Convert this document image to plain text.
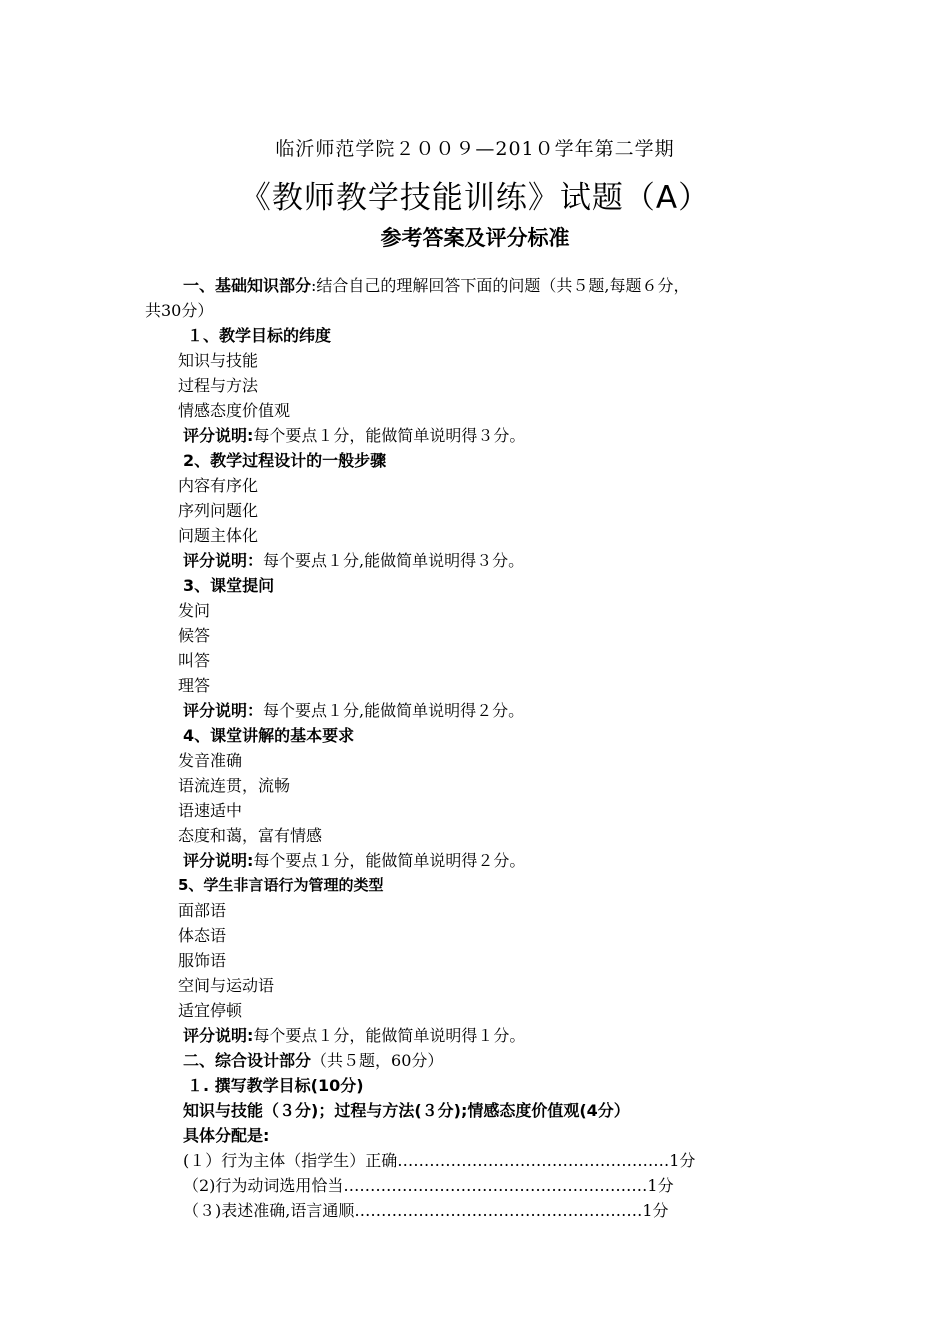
临沂师范学院２００９—201０学年第二学期
《教师教学技能训练》试题（A）
参考答案及评分标准
一、基础知识部分:结合自己的理解回答下面的问题（共５题,每题６分，
共30分）
１、教学目标的纬度
知识与技能
过程与方法
情感态度价值观
评分说明:每个要点１分，能做简单说明得３分。
2、教学过程设计的一般步骤
内容有序化
序列问题化
问题主体化
评分说明：每个要点１分,能做简单说明得３分。
3、课堂提问
发问
候答
叫答
理答
评分说明：每个要点１分,能做简单说明得２分。
4、课堂讲解的基本要求
发音准确
语流连贯，流畅
语速适中
态度和蔼，富有情感
评分说明:每个要点１分，能做简单说明得２分。
5、学生非言语行为管理的类型
面部语
体态语
服饰语
空间与运动语
适宜停顿
评分说明:每个要点１分，能做简单说明得１分。
二、综合设计部分（共５题，60分）
１. 撰写教学目标(10分)
知识与技能（３分)；过程与方法(３分);情感态度价值观(4分）
具体分配是:
(１）行为主体（指学生）正确……………………………………………1分
（2)行为动词选用恰当…………………………………………………1分
（３)表述准确,语言通顺………………………………………………1分
